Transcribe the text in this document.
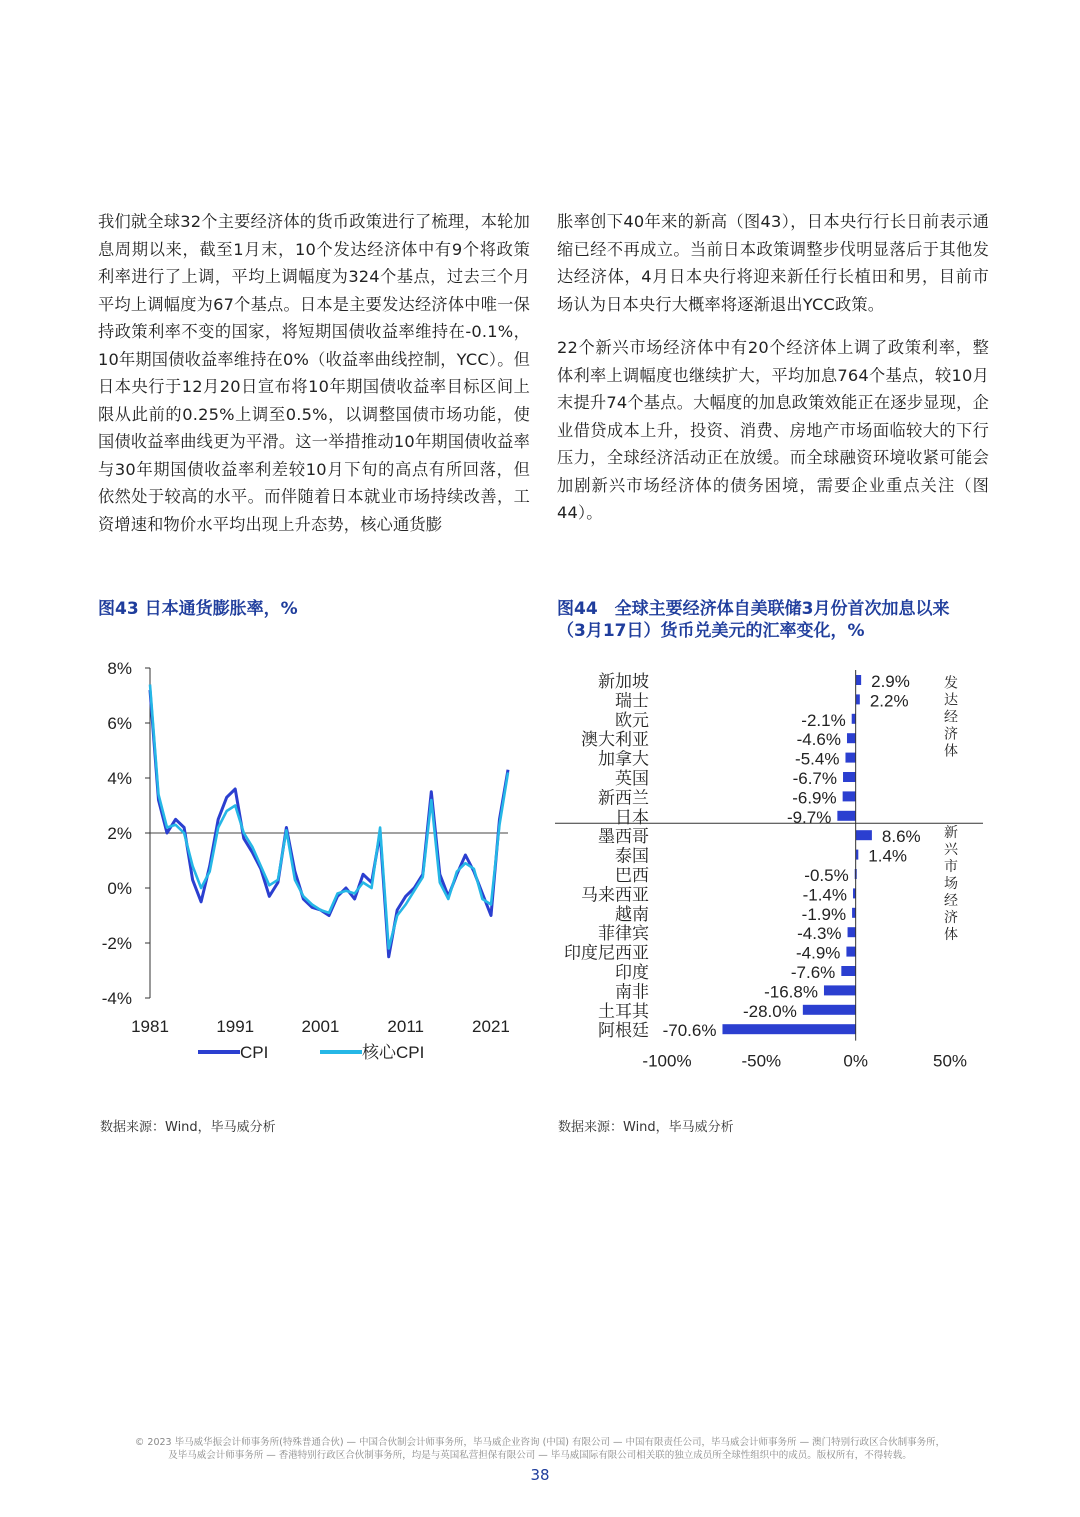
我们就全球32个主要经济体的货币政策进行了梳理，本轮加息周期以来，截至1月末，10个发达经济体中有9个将政策利率进行了上调，平均上调幅度为324个基点，过去三个月平均上调幅度为67个基点。日本是主要发达经济体中唯一保持政策利率不变的国家，将短期国债收益率维持在-0.1%，10年期国债收益率维持在0%（收益率曲线控制，YCC）。但日本央行于12月20日宣布将10年期国债收益率目标区间上限从此前的0.25%上调至0.5%，以调整国债市场功能，使国债收益率曲线更为平滑。这一举措推动10年期国债收益率与30年期国债收益率利差较10月下旬的高点有所回落，但依然处于较高的水平。而伴随着日本就业市场持续改善，工资增速和物价水平均出现上升态势，核心通货膨

胀率创下40年来的新高（图43），日本央行行长日前表示通缩已经不再成立。当前日本政策调整步伐明显落后于其他发达经济体，4月日本央行将迎来新任行长植田和男，目前市场认为日本央行大概率将逐渐退出YCC政策。

22个新兴市场经济体中有20个经济体上调了政策利率，整体利率上调幅度也继续扩大，平均加息764个基点，较10月末提升74个基点。大幅度的加息政策效能正在逐步显现，企业借贷成本上升，投资、消费、房地产市场面临较大的下行压力，全球经济活动正在放缓。而全球融资环境收紧可能会加剧新兴市场经济体的债务困境，需要企业重点关注（图44）。

图43 日本通货膨胀率，%	图44　全球主要经济体自美联储3月份首次加息以来
（3月17日）货币兑美元的汇率变化，%
8%
6%
4%
2%
0%
-2%
-4%
1981	1991	2001	2011	2021
CPI	核心CPI
新加坡	2.9%
瑞士	2.2%
欧元	-2.1%
澳大利亚	-4.6%
加拿大	-5.4%
英国	-6.7%
新西兰	-6.9%
日本	-9.7%
墨西哥	8.6%
泰国	1.4%
巴西	-0.5%
马来西亚	-1.4%
越南	-1.9%
菲律宾	-4.3%
印度尼西亚	-4.9%
印度	-7.6%
南非	-16.8%
土耳其	-28.0%
阿根廷 -70.6%
发达经济体
新兴市场经济体
-100%	-50%	0%	50%
数据来源：Wind，毕马威分析	数据来源：Wind，毕马威分析
© 2023 毕马威华振会计师事务所(特殊普通合伙) — 中国合伙制会计师事务所，毕马威企业咨询 (中国) 有限公司 — 中国有限责任公司，毕马威会计师事务所 — 澳门特别行政区合伙制事务所，
及毕马威会计师事务所 — 香港特别行政区合伙制事务所，均是与英国私营担保有限公司 — 毕马威国际有限公司相关联的独立成员所全球性组织中的成员。版权所有，不得转载。
38
